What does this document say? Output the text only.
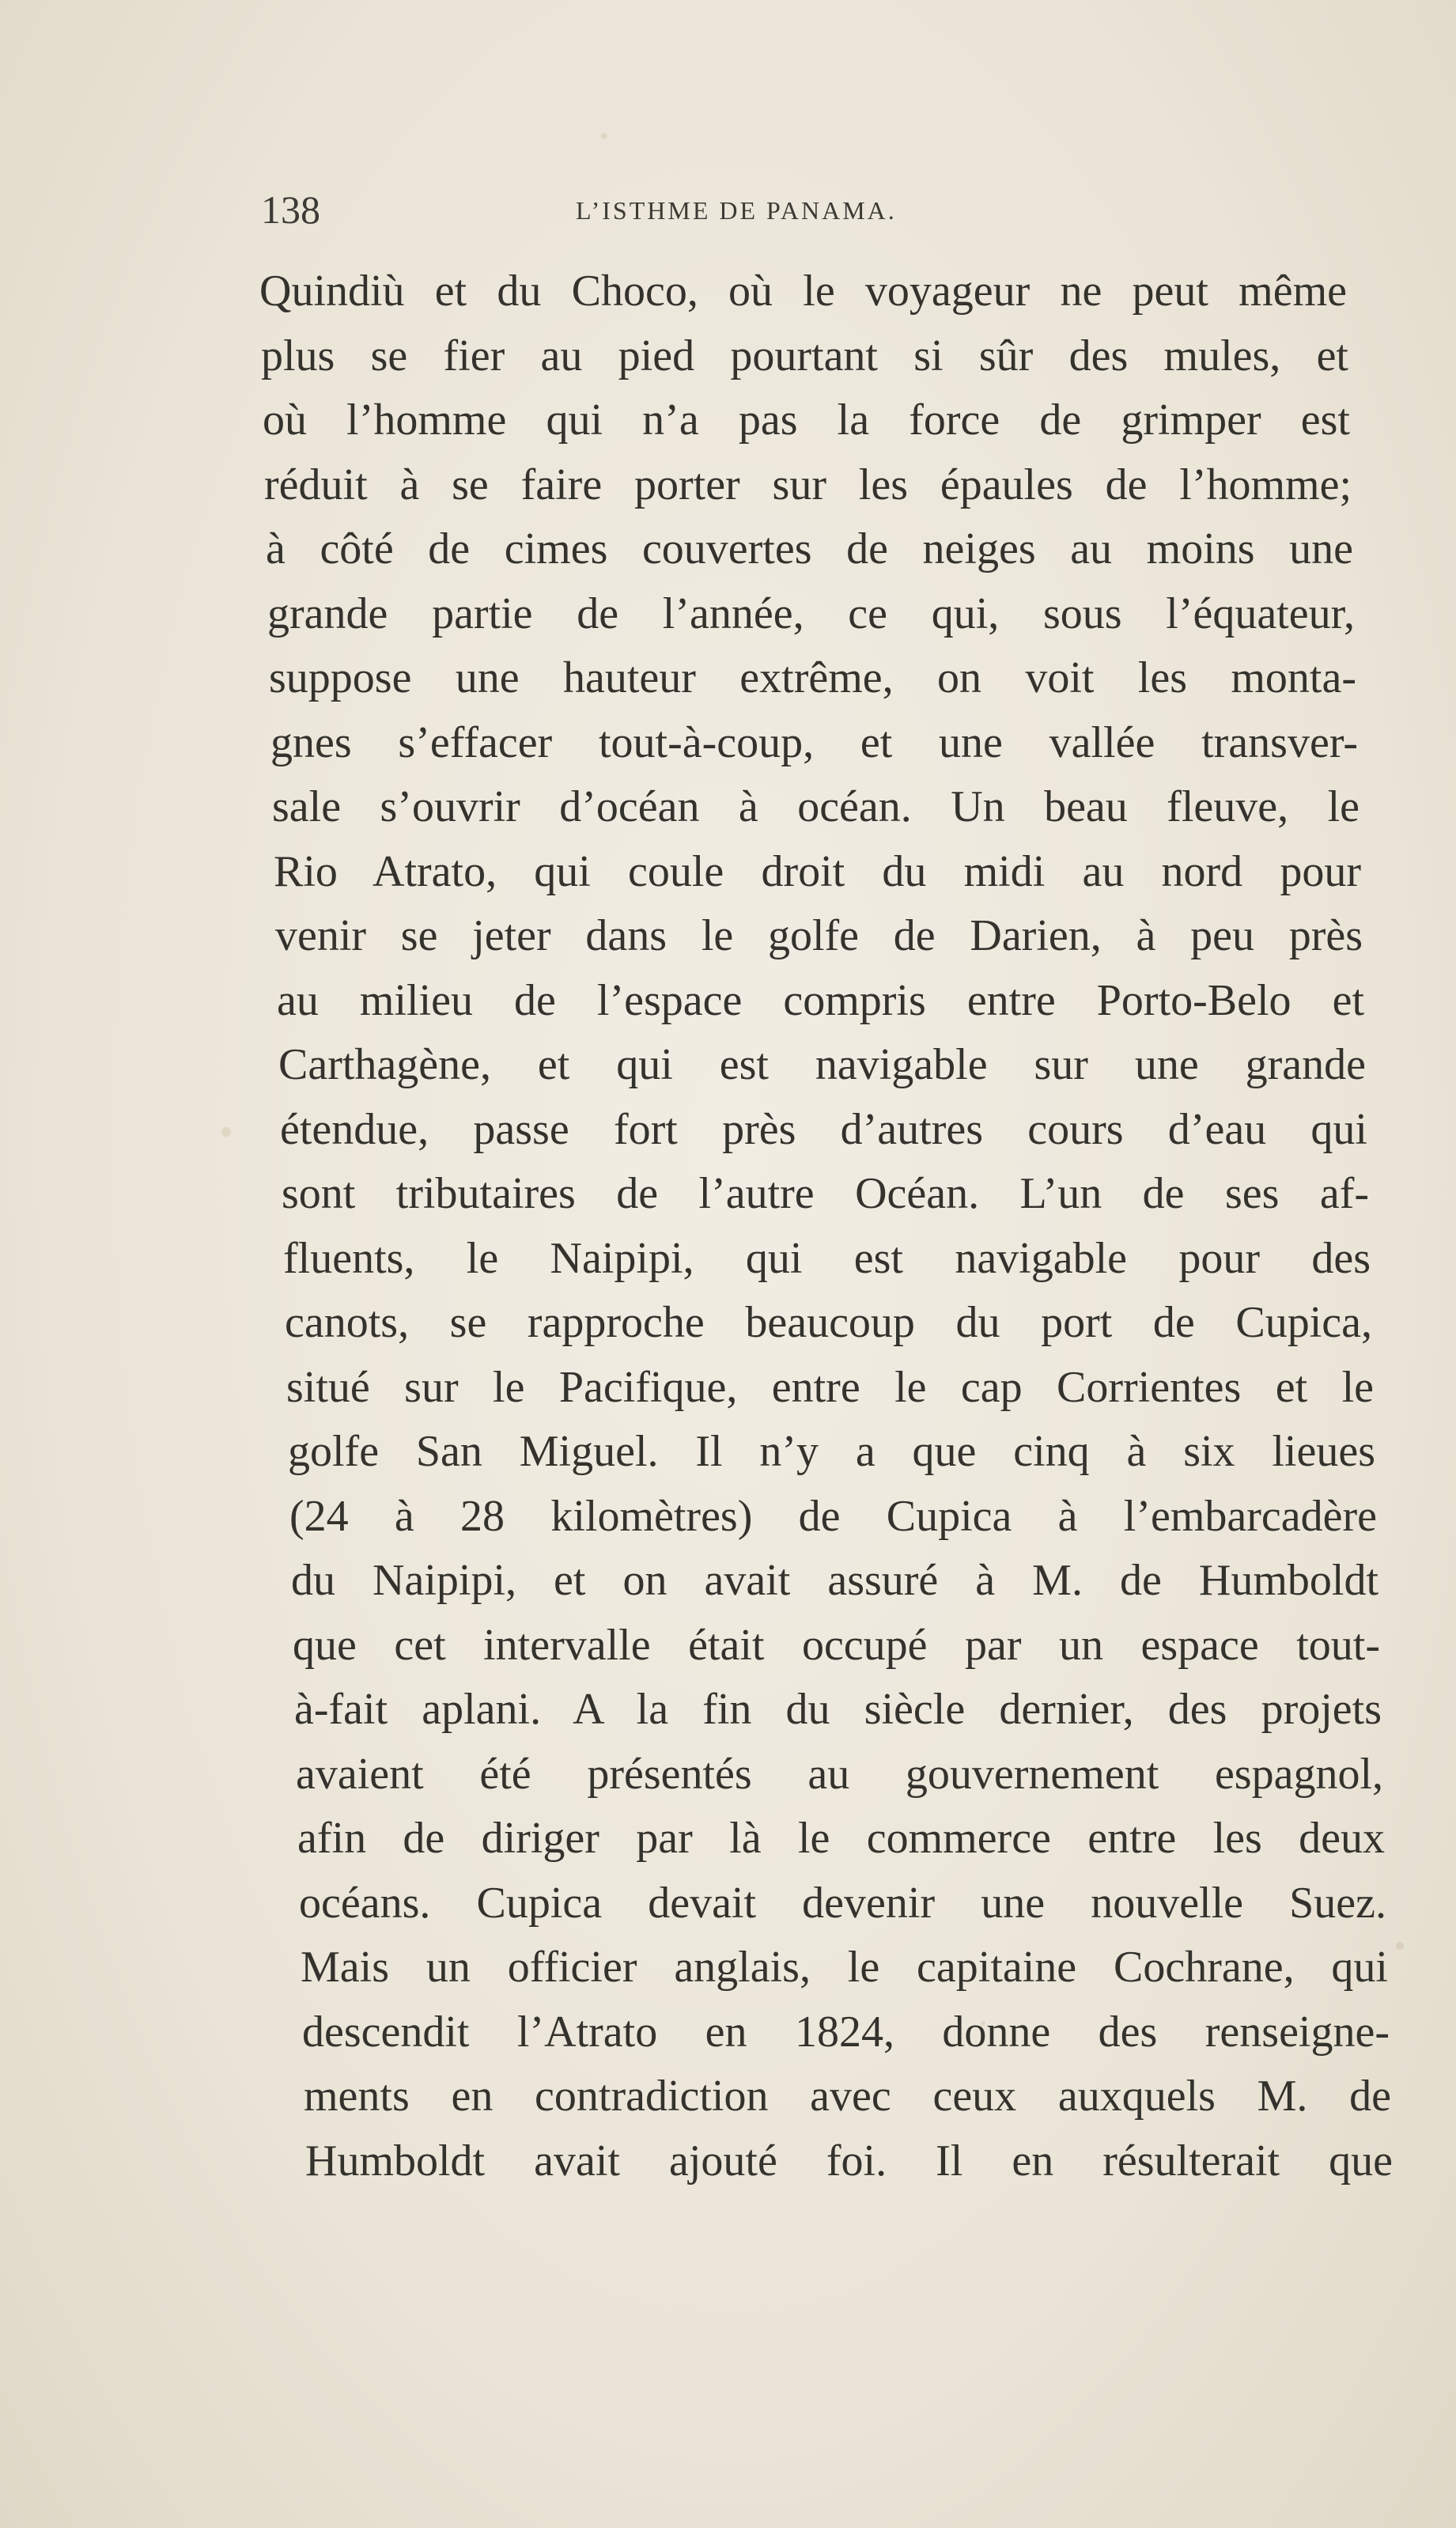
138	L’ISTHME DE PANAMA.
Quindiù et du Choco, où le voyageur ne peut même
plus se fier au pied pourtant si sûr des mules, et
où l’homme qui n’a pas la force de grimper est
réduit à se faire porter sur les épaules de l’homme;
à côté de cimes couvertes de neiges au moins une
grande partie de l’année, ce qui, sous l’équateur,
suppose une hauteur extrême, on voit les monta-
gnes s’effacer tout-à-coup, et une vallée transver-
sale s’ouvrir d’océan à océan. Un beau fleuve, le
Rio Atrato, qui coule droit du midi au nord pour
venir se jeter dans le golfe de Darien, à peu près
au milieu de l’espace compris entre Porto-Belo et
Carthagène, et qui est navigable sur une grande
étendue, passe fort près d’autres cours d’eau qui
sont tributaires de l’autre Océan. L’un de ses af-
fluents, le Naipipi, qui est navigable pour des
canots, se rapproche beaucoup du port de Cupica,
situé sur le Pacifique, entre le cap Corrientes et le
golfe San Miguel. Il n’y a que cinq à six lieues
(24 à 28 kilomètres) de Cupica à l’embarcadère
du Naipipi, et on avait assuré à M. de Humboldt
que cet intervalle était occupé par un espace tout-
à-fait aplani. A la fin du siècle dernier, des projets
avaient été présentés au gouvernement espagnol,
afin de diriger par là le commerce entre les deux
océans. Cupica devait devenir une nouvelle Suez.
Mais un officier anglais, le capitaine Cochrane, qui
descendit l’Atrato en 1824, donne des renseigne-
ments en contradiction avec ceux auxquels M. de
Humboldt avait ajouté foi. Il en résulterait que
